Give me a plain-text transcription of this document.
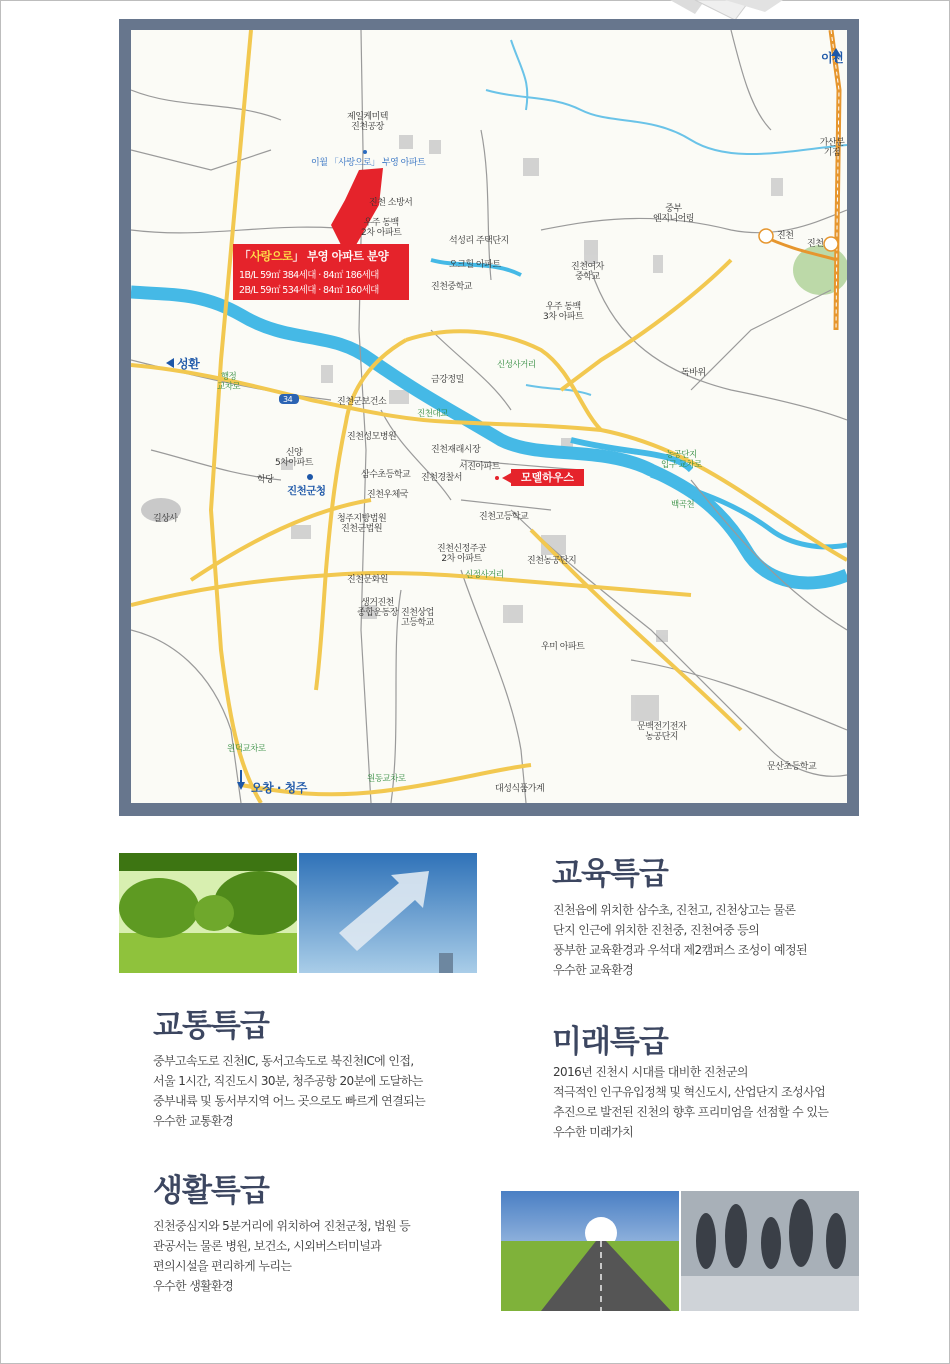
이천
성환
오창 · 청주
「사랑으로」 부영 아파트 분양
1B/L 59㎡ 384세대 · 84㎡ 186세대
2B/L 59㎡ 534세대 · 84㎡ 160세대
모델하우스
진천군청
제일케미텍
진천공장
이월 「사랑으로」 부영 아파트
진천 소방서
우주 동백
2차 아파트
석성리 주택단지
오크힐 아파트
진천중학교
진천여자
중학교
우주 동백
3차 아파트
중부
엔지니어링
가산분기점
진천
진천
행정
교차로
34
금강정밀
신성사거리
독바위
진천군보건소
진천대교
진천성모병원
진천재래시장
서진아파트
신양
5차아파트
학당	삼수초등학교 진천경찰서
진천우체국
농공단지
입구 교차로
백곡천
길상사	청주지방법원
진천군법원
진천고등학교
진천신정주공
2차 아파트	진천농공단지
신정사거리
진천문화원
생거진천
종합운동장 진천상업
고등학교
우미 아파트
문백전기전자
농공단지
원덕교차로
원동교차로
문산초등학교
대성식품가계
교육특급
진천읍에 위치한 삼수초, 진천고, 진천상고는 물론
단지 인근에 위치한 진천중, 진천여중 등의
풍부한 교육환경과 우석대 제2캠퍼스 조성이 예정된
우수한 교육환경
교통특급
중부고속도로 진천IC, 동서고속도로 북진천IC에 인접,
서울 1시간, 직진도시 30분, 청주공항 20분에 도달하는
중부내륙 및 동서부지역 어느 곳으로도 빠르게 연결되는
우수한 교통환경
미래특급
2016년 진천시 시대를 대비한 진천군의
적극적인 인구유입정책 및 혁신도시, 산업단지 조성사업
추진으로 발전된 진천의 향후 프리미엄을 선점할 수 있는
우수한 미래가치
생활특급
진천중심지와 5분거리에 위치하여 진천군청, 법원 등
관공서는 물론 병원, 보건소, 시외버스터미널과
편의시설을 편리하게 누리는
우수한 생활환경
